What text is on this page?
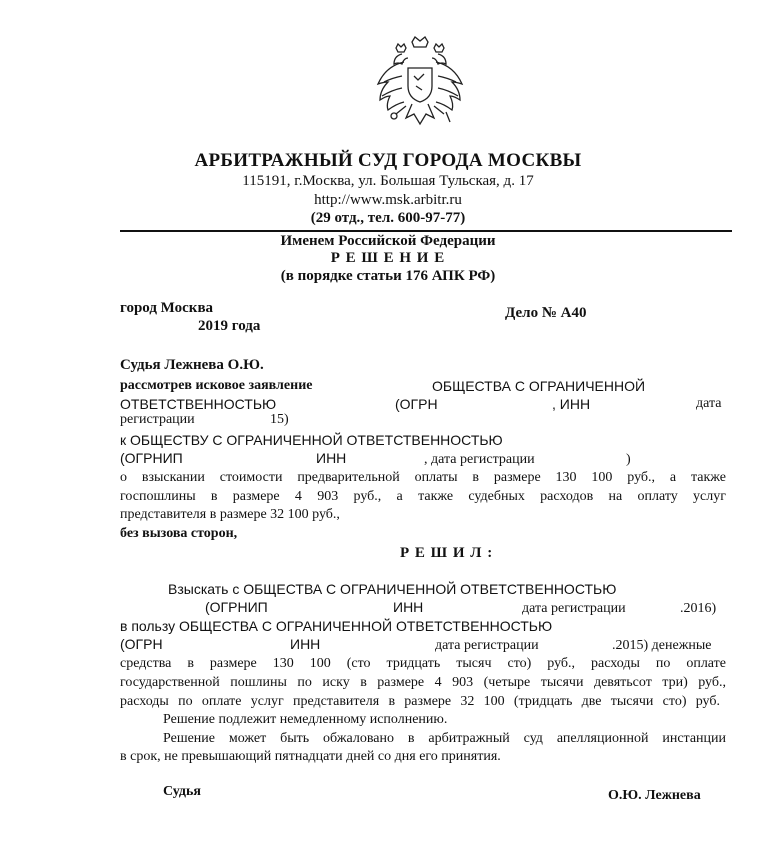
АРБИТРАЖНЫЙ СУД ГОРОДА МОСКВЫ
115191, г.Москва, ул. Большая Тульская, д. 17
http://www.msk.arbitr.ru
(29 отд., тел. 600-97-77)
Именем Российской Федерации
Р Е Ш Е Н И Е
(в порядке статьи 176 АПК РФ)
город Москва
2019 года
Дело № А40
Судья Лежнева О.Ю.
рассмотрев исковое заявление	ОБЩЕСТВА С ОГРАНИЧЕННОЙ
ОТВЕТСТВЕННОСТЬЮ	(ОГРН	, ИНН	дата
регистрации	15)
к ОБЩЕСТВУ С ОГРАНИЧЕННОЙ ОТВЕТСТВЕННОСТЬЮ
(ОГРНИП	ИНН	, дата регистрации	)
о взыскании стоимости предварительной оплаты в размере 130 100 руб., а также
госпошлины в размере 4 903 руб., а также судебных расходов на оплату услуг
представителя в размере 32 100 руб.,
без вызова сторон,
Р Е Ш И Л :
Взыскать с ОБЩЕСТВА С ОГРАНИЧЕННОЙ ОТВЕТСТВЕННОСТЬЮ
(ОГРНИП	ИНН	дата регистрации	.2016)
в пользу ОБЩЕСТВА С ОГРАНИЧЕННОЙ ОТВЕТСТВЕННОСТЬЮ
(ОГРН	ИНН	дата регистрации	.2015) денежные
средства в размере 130 100 (сто тридцать тысяч сто) руб., расходы по оплате
государственной пошлины по иску в размере 4 903 (четыре тысячи девятьсот три) руб.,
расходы по оплате услуг представителя в размере 32 100 (тридцать две тысячи сто) руб.
Решение подлежит немедленному исполнению.
Решение может быть обжаловано в арбитражный суд апелляционной инстанции
в срок, не превышающий пятнадцати дней со дня его принятия.
Судья	О.Ю. Лежнева
